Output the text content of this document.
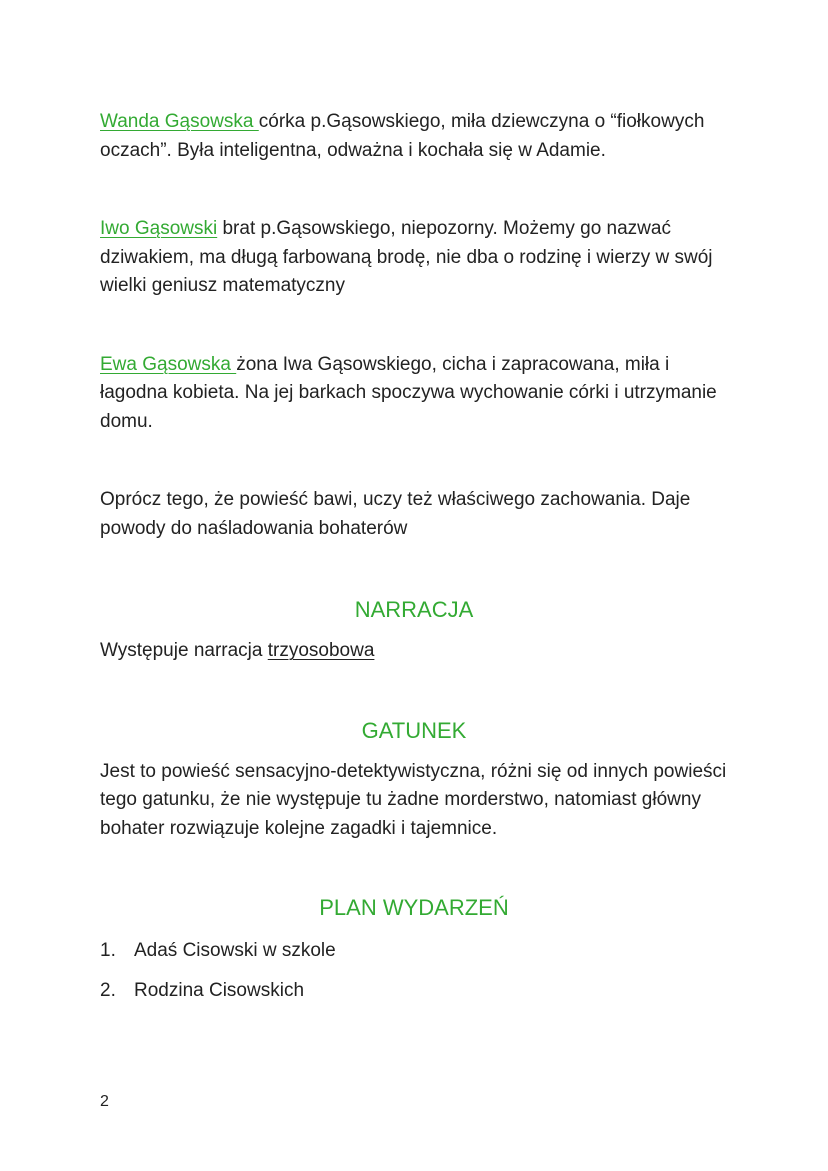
Wanda Gąsowska córka p.Gąsowskiego, miła dziewczyna o “fiołkowych oczach”. Była inteligentna, odważna i kochała się w Adamie.

Iwo Gąsowski brat p.Gąsowskiego, niepozorny. Możemy go nazwać dziwakiem, ma długą farbowaną brodę, nie dba o rodzinę i wierzy w swój wielki geniusz matematyczny

Ewa Gąsowska żona Iwa Gąsowskiego, cicha i zapracowana, miła i łagodna kobieta. Na jej barkach spoczywa wychowanie córki i utrzymanie domu.

Oprócz tego, że powieść bawi, uczy też właściwego zachowania. Daje powody do naśladowania bohaterów

NARRACJA

Występuje narracja trzyosobowa

GATUNEK

Jest to powieść sensacyjno-detektywistyczna, różni się od innych powieści tego gatunku, że nie występuje tu żadne morderstwo, natomiast główny bohater rozwiązuje kolejne zagadki i tajemnice.

PLAN WYDARZEŃ
1. Adaś Cisowski w szkole
2. Rodzina Cisowskich
2
